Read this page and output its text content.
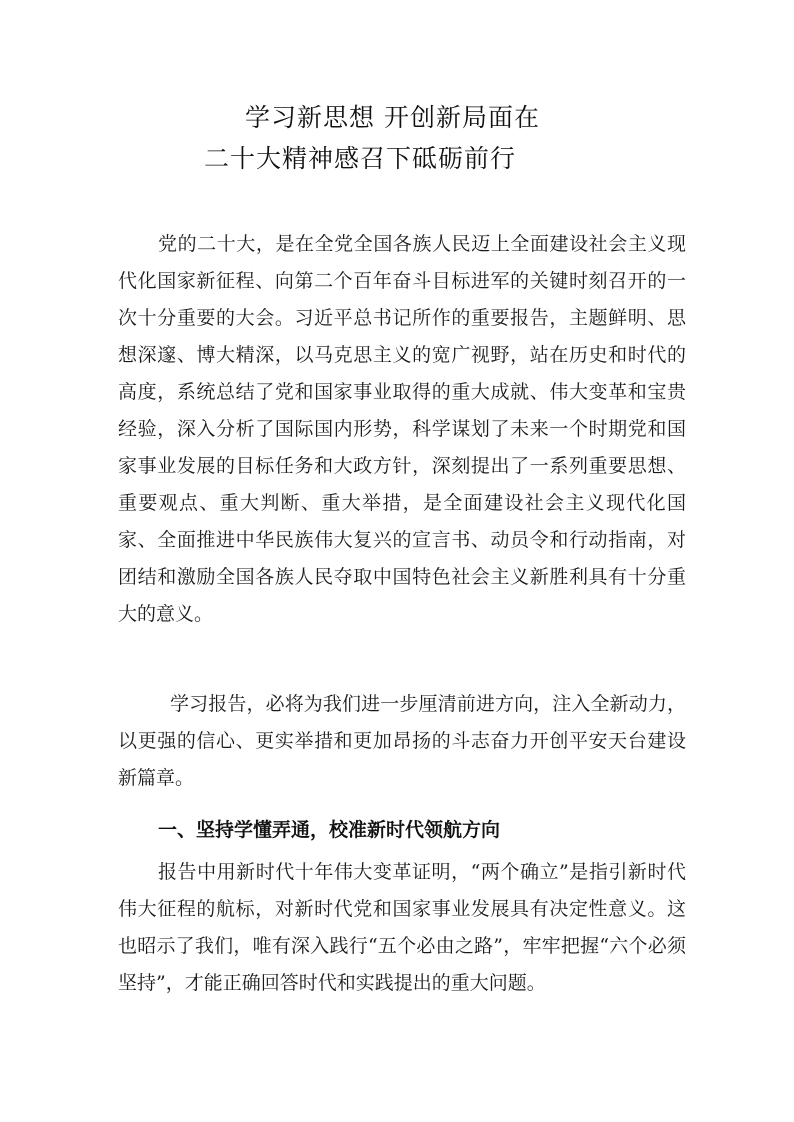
学习新思想 开创新局面在
二十大精神感召下砥砺前行

党的二十大，是在全党全国各族人民迈上全面建设社会主义现代化国家新征程、向第二个百年奋斗目标进军的关键时刻召开的一次十分重要的大会。习近平总书记所作的重要报告，主题鲜明、思想深邃、博大精深，以马克思主义的宽广视野，站在历史和时代的高度，系统总结了党和国家事业取得的重大成就、伟大变革和宝贵经验，深入分析了国际国内形势，科学谋划了未来一个时期党和国家事业发展的目标任务和大政方针，深刻提出了一系列重要思想、重要观点、重大判断、重大举措，是全面建设社会主义现代化国家、全面推进中华民族伟大复兴的宣言书、动员令和行动指南，对团结和激励全国各族人民夺取中国特色社会主义新胜利具有十分重大的意义。

学习报告，必将为我们进一步厘清前进方向，注入全新动力，以更强的信心、更实举措和更加昂扬的斗志奋力开创平安天台建设新篇章。

一、坚持学懂弄通，校准新时代领航方向

报告中用新时代十年伟大变革证明，“两个确立”是指引新时代伟大征程的航标，对新时代党和国家事业发展具有决定性意义。这也昭示了我们，唯有深入践行“五个必由之路”，牢牢把握“六个必须坚持”，才能正确回答时代和实践提出的重大问题。
